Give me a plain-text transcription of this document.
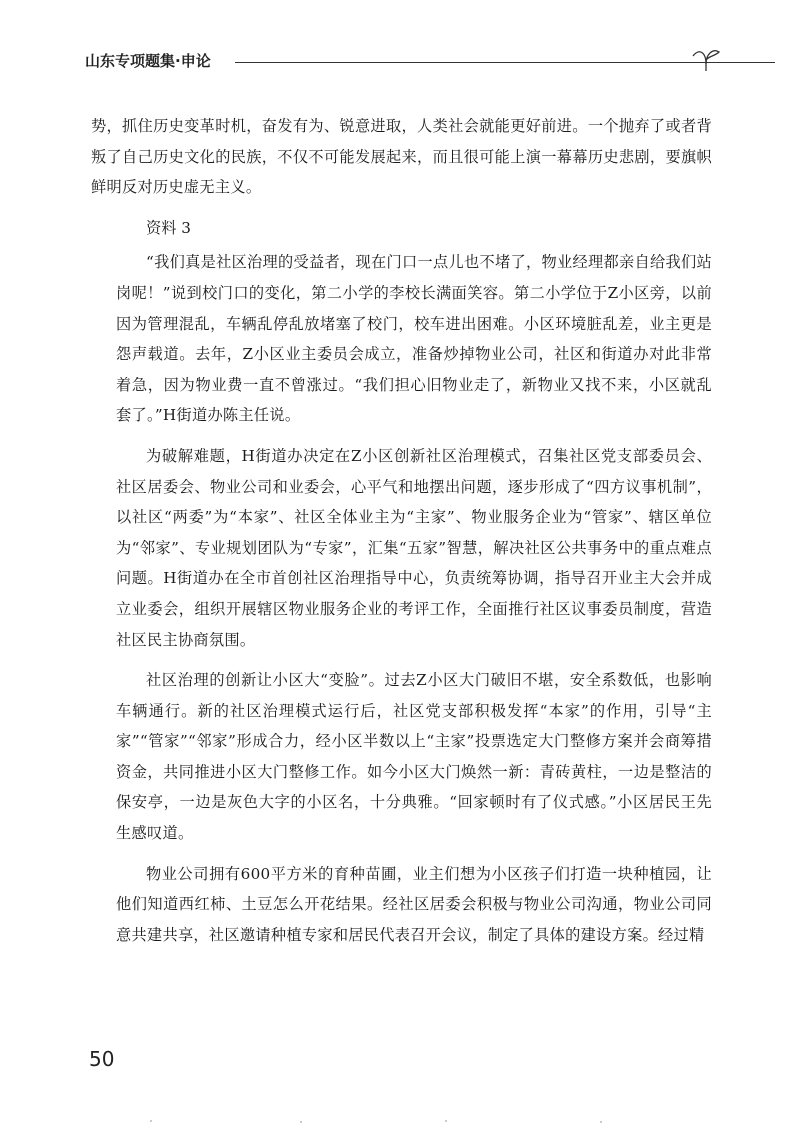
山东专项题集·申论

势，抓住历史变革时机，奋发有为、锐意进取，人类社会就能更好前进。一个抛弃了或者背叛了自己历史文化的民族，不仅不可能发展起来，而且很可能上演一幕幕历史悲剧，要旗帜鲜明反对历史虚无主义。

资料 3

“我们真是社区治理的受益者，现在门口一点儿也不堵了，物业经理都亲自给我们站岗呢！”说到校门口的变化，第二小学的李校长满面笑容。第二小学位于Z小区旁，以前因为管理混乱，车辆乱停乱放堵塞了校门，校车进出困难。小区环境脏乱差，业主更是怨声载道。去年，Z小区业主委员会成立，准备炒掉物业公司，社区和街道办对此非常着急，因为物业费一直不曾涨过。“我们担心旧物业走了，新物业又找不来，小区就乱套了。”H街道办陈主任说。

为破解难题，H街道办决定在Z小区创新社区治理模式，召集社区党支部委员会、社区居委会、物业公司和业委会，心平气和地摆出问题，逐步形成了“四方议事机制”，以社区“两委”为“本家”、社区全体业主为“主家”、物业服务企业为“管家”、辖区单位为“邻家”、专业规划团队为“专家”，汇集“五家”智慧，解决社区公共事务中的重点难点问题。H街道办在全市首创社区治理指导中心，负责统筹协调，指导召开业主大会并成立业委会，组织开展辖区物业服务企业的考评工作，全面推行社区议事委员制度，营造社区民主协商氛围。

社区治理的创新让小区大“变脸”。过去Z小区大门破旧不堪，安全系数低，也影响车辆通行。新的社区治理模式运行后，社区党支部积极发挥“本家”的作用，引导“主家”“管家”“邻家”形成合力，经小区半数以上“主家”投票选定大门整修方案并会商筹措资金，共同推进小区大门整修工作。如今小区大门焕然一新：青砖黄柱，一边是整洁的保安亭，一边是灰色大字的小区名，十分典雅。“回家顿时有了仪式感。”小区居民王先生感叹道。

物业公司拥有600平方米的育种苗圃，业主们想为小区孩子们打造一块种植园，让他们知道西红柿、土豆怎么开花结果。经社区居委会积极与物业公司沟通，物业公司同意共建共享，社区邀请种植专家和居民代表召开会议，制定了具体的建设方案。经过精

50
